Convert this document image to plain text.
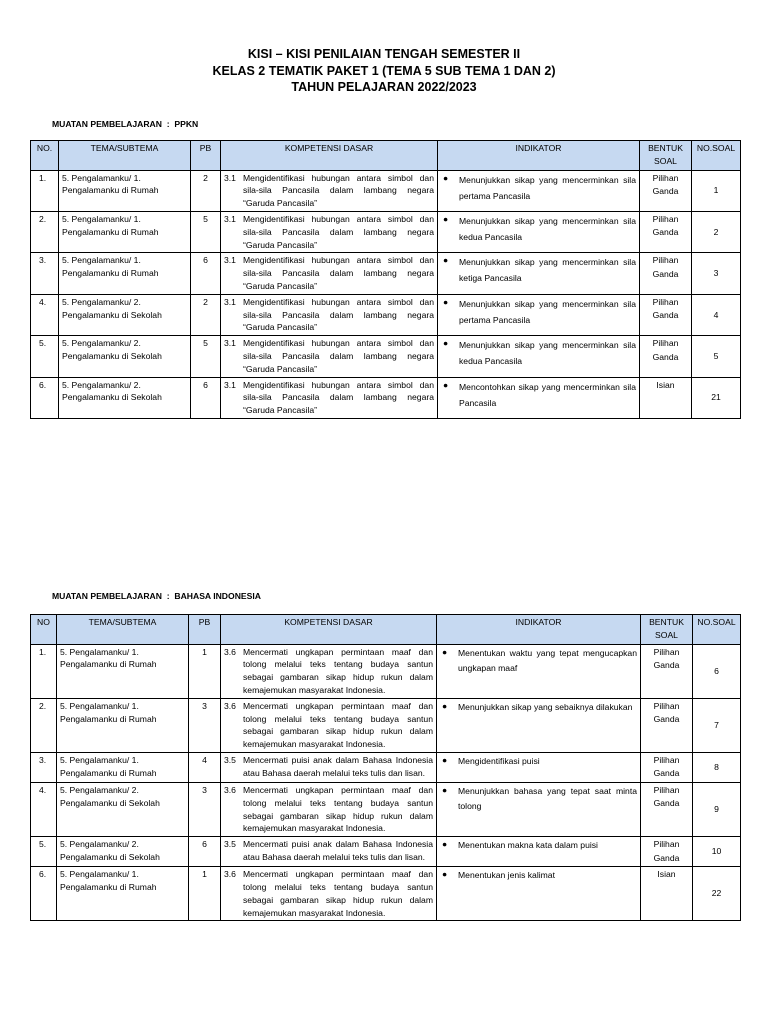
KISI – KISI PENILAIAN TENGAH SEMESTER II
KELAS 2 TEMATIK PAKET 1 (TEMA 5 SUB TEMA 1 DAN 2)
TAHUN PELAJARAN 2022/2023
MUATAN PEMBELAJARAN  :  PPKN
NO.	TEMA/SUBTEMA	PB	KOMPETENSI DASAR	INDIKATOR	BENTUK SOAL	NO.SOAL
1.	5. Pengalamanku/ 1. Pengalamanku di Rumah	2	3.1 Mengidentifikasi hubungan antara simbol dan sila-sila Pancasila dalam lambang negara “Garuda Pancasila”	● Menunjukkan sikap yang mencerminkan sila pertama Pancasila	Pilihan Ganda	1
2.	5. Pengalamanku/ 1. Pengalamanku di Rumah	5	3.1 Mengidentifikasi hubungan antara simbol dan sila-sila Pancasila dalam lambang negara “Garuda Pancasila”	● Menunjukkan sikap yang mencerminkan sila kedua Pancasila	Pilihan Ganda	2
3.	5. Pengalamanku/ 1. Pengalamanku di Rumah	6	3.1 Mengidentifikasi hubungan antara simbol dan sila-sila Pancasila dalam lambang negara “Garuda Pancasila”	● Menunjukkan sikap yang mencerminkan sila ketiga Pancasila	Pilihan Ganda	3
4.	5. Pengalamanku/ 2. Pengalamanku di Sekolah	2	3.1 Mengidentifikasi hubungan antara simbol dan sila-sila Pancasila dalam lambang negara “Garuda Pancasila”	● Menunjukkan sikap yang mencerminkan sila pertama Pancasila	Pilihan Ganda	4
5.	5. Pengalamanku/ 2. Pengalamanku di Sekolah	5	3.1 Mengidentifikasi hubungan antara simbol dan sila-sila Pancasila dalam lambang negara “Garuda Pancasila”	● Menunjukkan sikap yang mencerminkan sila kedua Pancasila	Pilihan Ganda	5
6.	5. Pengalamanku/ 2. Pengalamanku di Sekolah	6	3.1 Mengidentifikasi hubungan antara simbol dan sila-sila Pancasila dalam lambang negara “Garuda Pancasila”	● Mencontohkan sikap yang mencerminkan sila Pancasila	Isian	21
MUATAN PEMBELAJARAN  :  BAHASA INDONESIA
NO	TEMA/SUBTEMA	PB	KOMPETENSI DASAR	INDIKATOR	BENTUK SOAL	NO.SOAL
1.	5. Pengalamanku/ 1. Pengalamanku di Rumah	1	3.6 Mencermati ungkapan permintaan maaf dan tolong melalui teks tentang budaya santun sebagai gambaran sikap hidup rukun dalam kemajemukan masyarakat Indonesia.	● Menentukan waktu yang tepat mengucapkan ungkapan maaf	Pilihan Ganda	6
2.	5. Pengalamanku/ 1. Pengalamanku di Rumah	3	3.6 Mencermati ungkapan permintaan maaf dan tolong melalui teks tentang budaya santun sebagai gambaran sikap hidup rukun dalam kemajemukan masyarakat Indonesia.	● Menunjukkan sikap yang sebaiknya dilakukan	Pilihan Ganda	7
3.	5. Pengalamanku/ 1. Pengalamanku di Rumah	4	3.5 Mencermati puisi anak dalam Bahasa Indonesia atau Bahasa daerah melalui teks tulis dan lisan.	● Mengidentifikasi puisi	Pilihan Ganda	8
4.	5. Pengalamanku/ 2. Pengalamanku di Sekolah	3	3.6 Mencermati ungkapan permintaan maaf dan tolong melalui teks tentang budaya santun sebagai gambaran sikap hidup rukun dalam kemajemukan masyarakat Indonesia.	● Menunjukkan bahasa yang tepat saat minta tolong	Pilihan Ganda	9
5.	5. Pengalamanku/ 2. Pengalamanku di Sekolah	6	3.5 Mencermati puisi anak dalam Bahasa Indonesia atau Bahasa daerah melalui teks tulis dan lisan.	● Menentukan makna kata dalam puisi	Pilihan Ganda	10
6.	5. Pengalamanku/ 1. Pengalamanku di Rumah	1	3.6 Mencermati ungkapan permintaan maaf dan tolong melalui teks tentang budaya santun sebagai gambaran sikap hidup rukun dalam kemajemukan masyarakat Indonesia.	● Menentukan jenis kalimat	Isian	22
